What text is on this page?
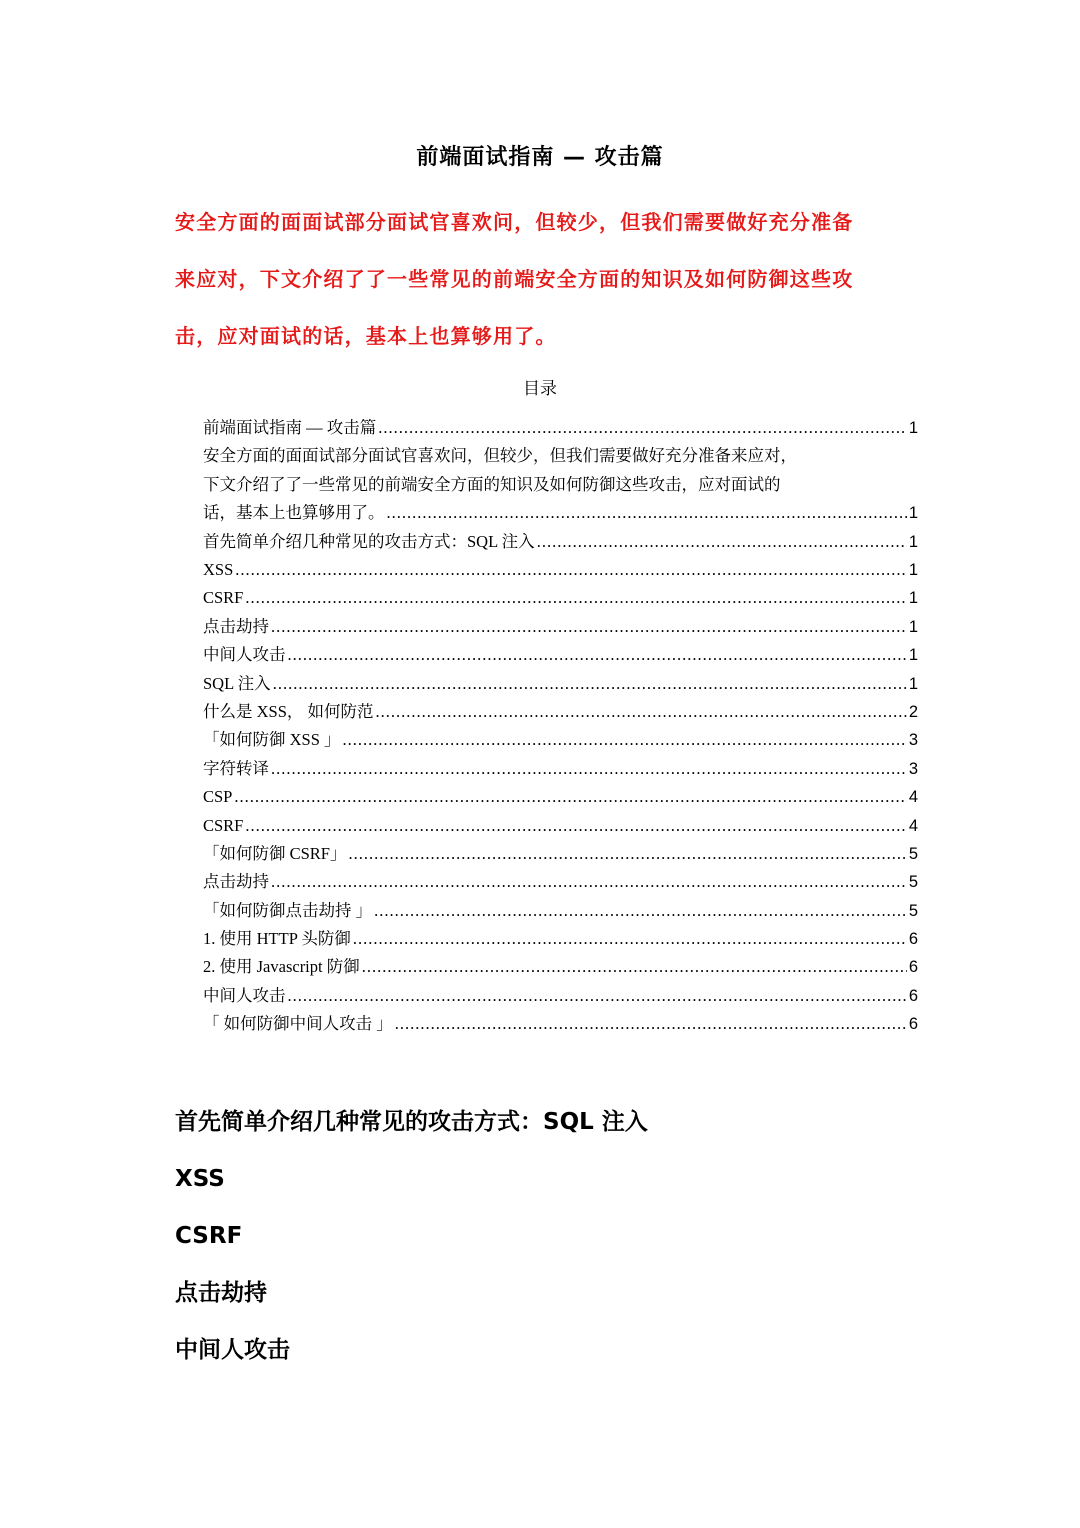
前端面试指南 — 攻击篇
安全方面的面面试部分面试官喜欢问，但较少，但我们需要做好充分准备
来应对，下文介绍了了一些常见的前端安全方面的知识及如何防御这些攻
击，应对面试的话，基本上也算够用了。
目录
前端面试指南 — 攻击篇 .....	1
安全方面的面面试部分面试官喜欢问，但较少，但我们需要做好充分准备来应对，
下文介绍了了一些常见的前端安全方面的知识及如何防御这些攻击，应对面试的
话，基本上也算够用了。 .....	1
首先简单介绍几种常见的攻击方式：SQL 注入 .....	1
XSS .....	1
CSRF .....	1
点击劫持 .....	1
中间人攻击 .....	1
SQL 注入 .....	1
什么是 XSS， 如何防范 .....	2
「如何防御 XSS 」 .....	3
字符转译 .....	3
CSP .....	4
CSRF .....	4
「如何防御 CSRF」 .....	5
点击劫持 .....	5
「如何防御点击劫持 」 .....	5
1. 使用 HTTP 头防御 .....	6
2. 使用 Javascript 防御 .....	6
中间人攻击 .....	6
「 如何防御中间人攻击 」 .....	6
首先简单介绍几种常见的攻击方式：SQL 注入
XSS
CSRF
点击劫持
中间人攻击
